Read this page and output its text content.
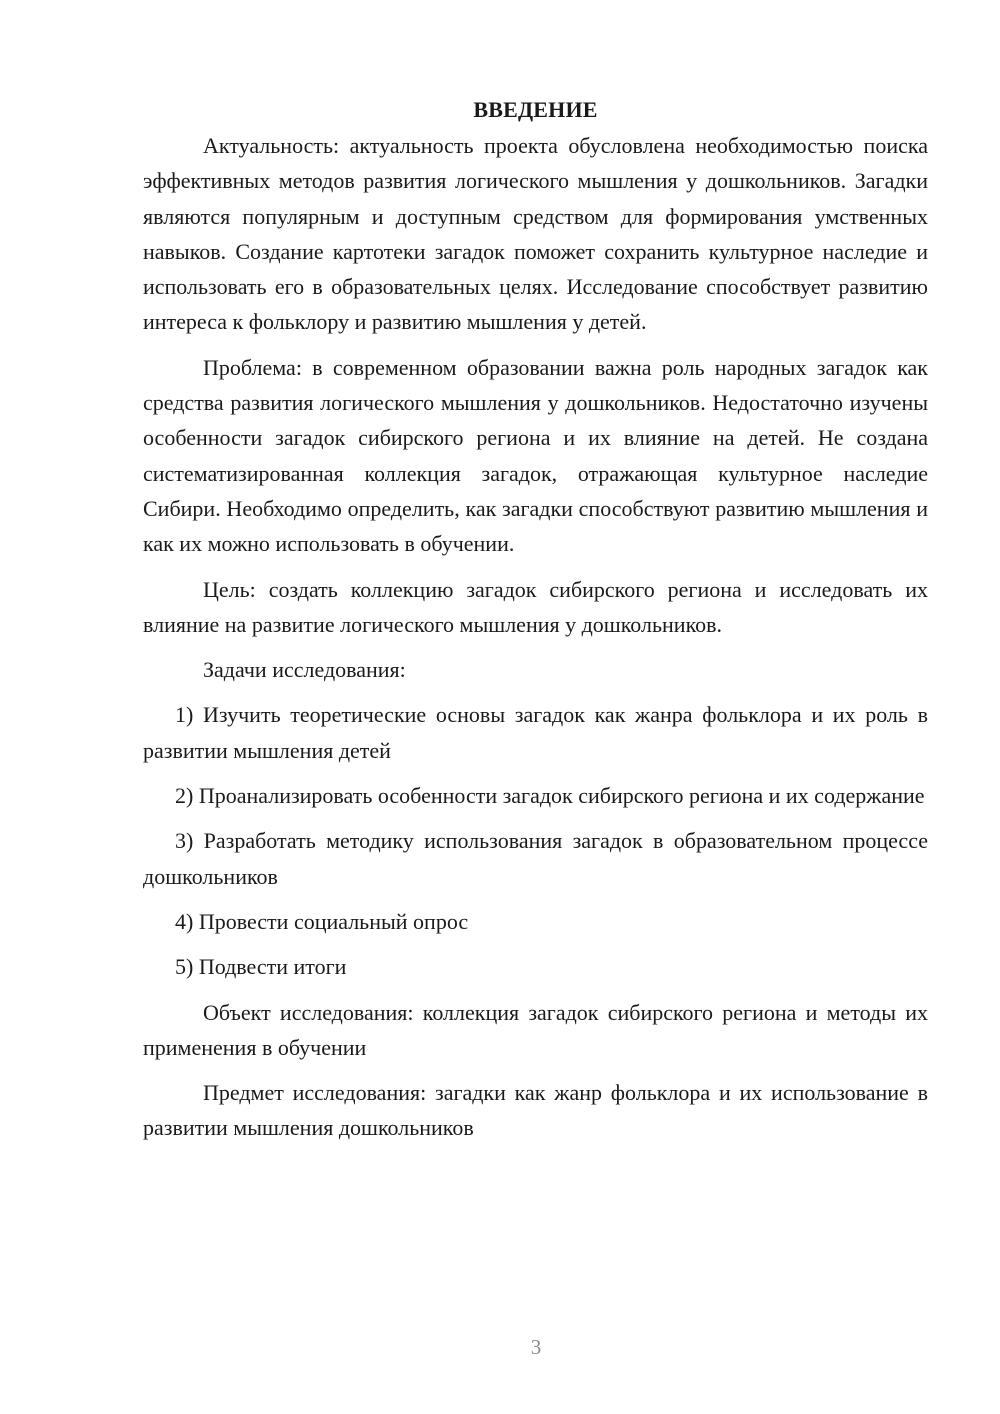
ВВЕДЕНИЕ

Актуальность: актуальность проекта обусловлена необходимостью поиска эффективных методов развития логического мышления у дошкольников. Загадки являются популярным и доступным средством для формирования умственных навыков. Создание картотеки загадок поможет сохранить культурное наследие и использовать его в образовательных целях. Исследование способствует развитию интереса к фольклору и развитию мышления у детей.

Проблема: в современном образовании важна роль народных загадок как средства развития логического мышления у дошкольников. Недостаточно изучены особенности загадок сибирского региона и их влияние на детей. Не создана систематизированная коллекция загадок, отражающая культурное наследие Сибири. Необходимо определить, как загадки способствуют развитию мышления и как их можно использовать в обучении.

Цель: создать коллекцию загадок сибирского региона и исследовать их влияние на развитие логического мышления у дошкольников.

Задачи исследования:

1) Изучить теоретические основы загадок как жанра фольклора и их роль в развитии мышления детей

2) Проанализировать особенности загадок сибирского региона и их содержание

3) Разработать методику использования загадок в образовательном процессе дошкольников

4) Провести социальный опрос

5) Подвести итоги

Объект исследования: коллекция загадок сибирского региона и методы их применения в обучении

Предмет исследования: загадки как жанр фольклора и их использование в развитии мышления дошкольников

3
